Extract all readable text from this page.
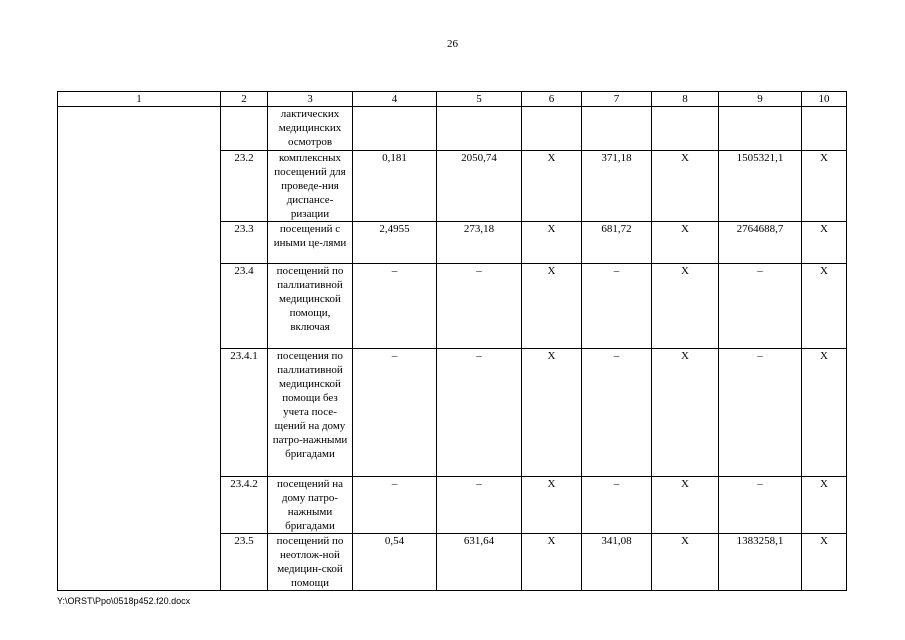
26
1	2	3	4	5	6	7	8	9	10
		лактических медицинских осмотров							
	23.2	комплексных посещений для проведе-ния диспансе-ризации	0,181	2050,74	X	371,18	X	1505321,1	X
	23.3	посещений с иными це-лями	2,4955	273,18	X	681,72	X	2764688,7	X
	23.4	посещений по паллиативной медицинской помощи, включая	–	–	X	–	X	–	X
	23.4.1	посещения по паллиативной медицинской помощи без учета посе-щений на дому патро-нажными бригадами	–	–	X	–	X	–	X
	23.4.2	посещений на дому патро-нажными бригадами	–	–	X	–	X	–	X
	23.5	посещений по неотлож-ной медицин-ской помощи	0,54	631,64	X	341,08	X	1383258,1	X
Y:\ORST\Ppo\0518p452.f20.docx
